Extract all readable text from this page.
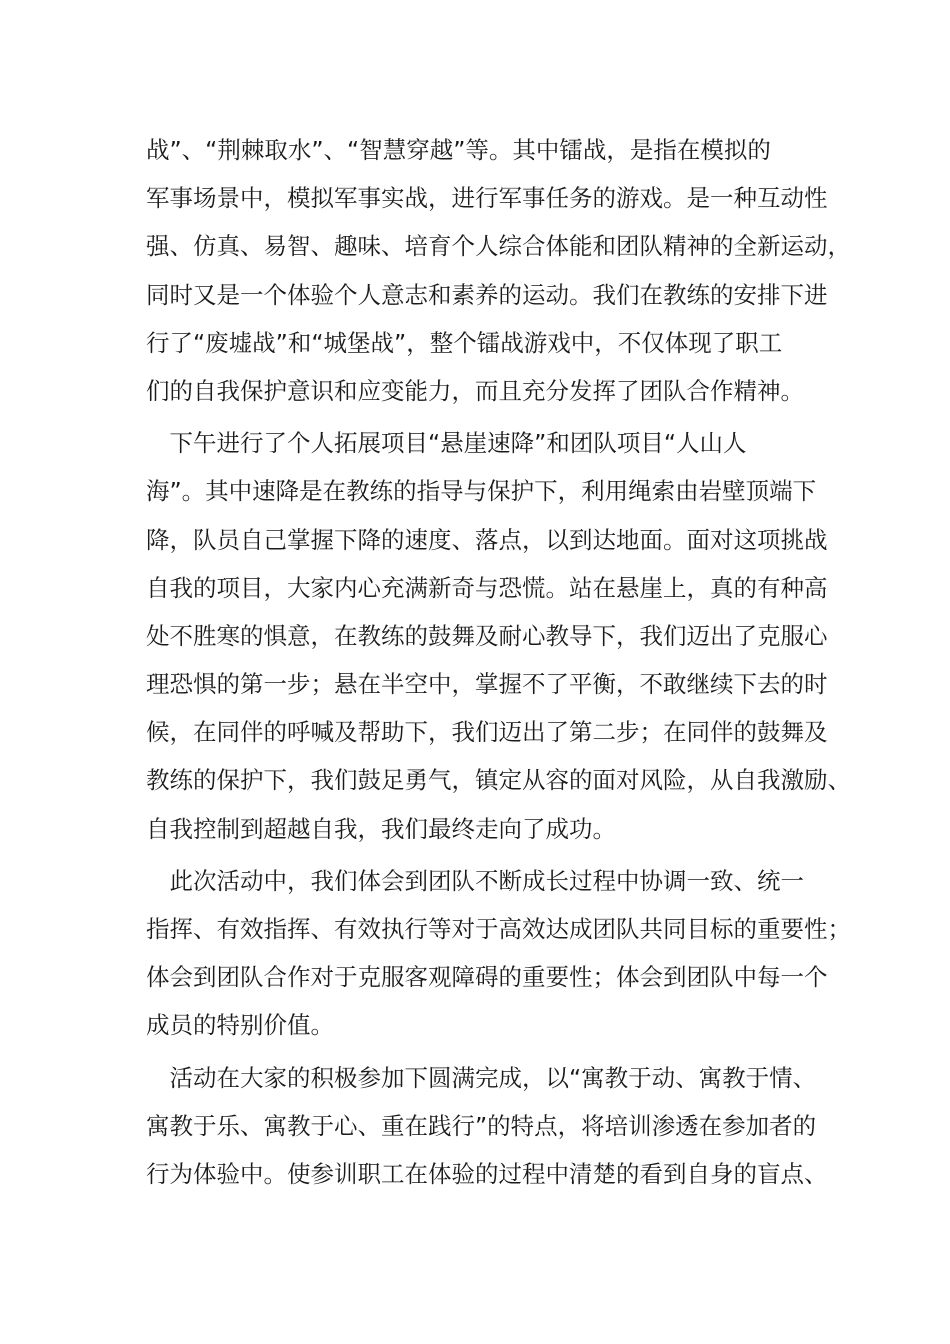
战”、“荆棘取水”、“智慧穿越”等。其中镭战，是指在模拟的
军事场景中，模拟军事实战，进行军事任务的游戏。是一种互动性
强、仿真、易智、趣味、培育个人综合体能和团队精神的全新运动，
同时又是一个体验个人意志和素养的运动。我们在教练的安排下进
行了“废墟战”和“城堡战”，整个镭战游戏中，不仅体现了职工
们的自我保护意识和应变能力，而且充分发挥了团队合作精神。
　下午进行了个人拓展项目“悬崖速降”和团队项目“人山人
海”。其中速降是在教练的指导与保护下，利用绳索由岩壁顶端下
降，队员自己掌握下降的速度、落点，以到达地面。面对这项挑战
自我的项目，大家内心充满新奇与恐慌。站在悬崖上，真的有种高
处不胜寒的惧意，在教练的鼓舞及耐心教导下，我们迈出了克服心
理恐惧的第一步；悬在半空中，掌握不了平衡，不敢继续下去的时
候，在同伴的呼喊及帮助下，我们迈出了第二步；在同伴的鼓舞及
教练的保护下，我们鼓足勇气，镇定从容的面对风险，从自我激励、
自我控制到超越自我，我们最终走向了成功。
　此次活动中，我们体会到团队不断成长过程中协调一致、统一
指挥、有效指挥、有效执行等对于高效达成团队共同目标的重要性；
体会到团队合作对于克服客观障碍的重要性；体会到团队中每一个
成员的特别价值。
　活动在大家的积极参加下圆满完成，以“寓教于动、寓教于情、
寓教于乐、寓教于心、重在践行”的特点，将培训渗透在参加者的
行为体验中。使参训职工在体验的过程中清楚的看到自身的盲点、
